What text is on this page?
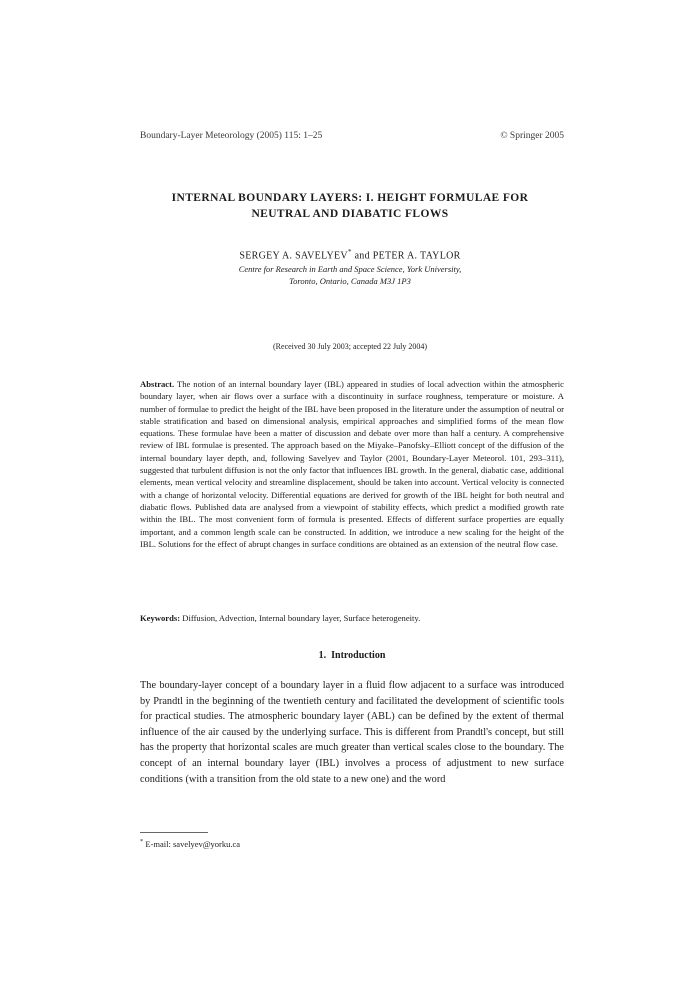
Boundary-Layer Meteorology (2005) 115: 1–25	© Springer 2005
INTERNAL BOUNDARY LAYERS: I. HEIGHT FORMULAE FOR
NEUTRAL AND DIABATIC FLOWS
SERGEY A. SAVELYEV* and PETER A. TAYLOR
Centre for Research in Earth and Space Science, York University,
Toronto, Ontario, Canada M3J 1P3
(Received 30 July 2003; accepted 22 July 2004)
Abstract. The notion of an internal boundary layer (IBL) appeared in studies of local advection within the atmospheric boundary layer, when air flows over a surface with a discontinuity in surface roughness, temperature or moisture. A number of formulae to predict the height of the IBL have been proposed in the literature under the assumption of neutral or stable stratification and based on dimensional analysis, empirical approaches and simplified forms of the mean flow equations. These formulae have been a matter of discussion and debate over more than half a century. A comprehensive review of IBL formulae is presented. The approach based on the Miyake–Panofsky–Elliott concept of the diffusion of the internal boundary layer depth, and, following Savelyev and Taylor (2001, Boundary-Layer Meteorol. 101, 293–311), suggested that turbulent diffusion is not the only factor that influences IBL growth. In the general, diabatic case, additional elements, mean vertical velocity and streamline displacement, should be taken into account. Vertical velocity is connected with a change of horizontal velocity. Differential equations are derived for growth of the IBL height for both neutral and diabatic flows. Published data are analysed from a viewpoint of stability effects, which predict a modified growth rate within the IBL. The most convenient form of formula is presented. Effects of different surface properties are equally important, and a common length scale can be constructed. In addition, we introduce a new scaling for the height of the IBL. Solutions for the effect of abrupt changes in surface conditions are obtained as an extension of the neutral flow case.
Keywords: Diffusion, Advection, Internal boundary layer, Surface heterogeneity.
1. Introduction
The boundary-layer concept of a boundary layer in a fluid flow adjacent to a surface was introduced by Prandtl in the beginning of the twentieth century and facilitated the development of scientific tools for practical studies. The atmospheric boundary layer (ABL) can be defined by the extent of thermal influence of the air caused by the underlying surface. This is different from Prandtl's concept, but still has the property that horizontal scales are much greater than vertical scales close to the boundary. The concept of an internal boundary layer (IBL) involves a process of adjustment to new surface conditions (with a transition from the old state to a new one) and the word
* E-mail: savelyev@yorku.ca
